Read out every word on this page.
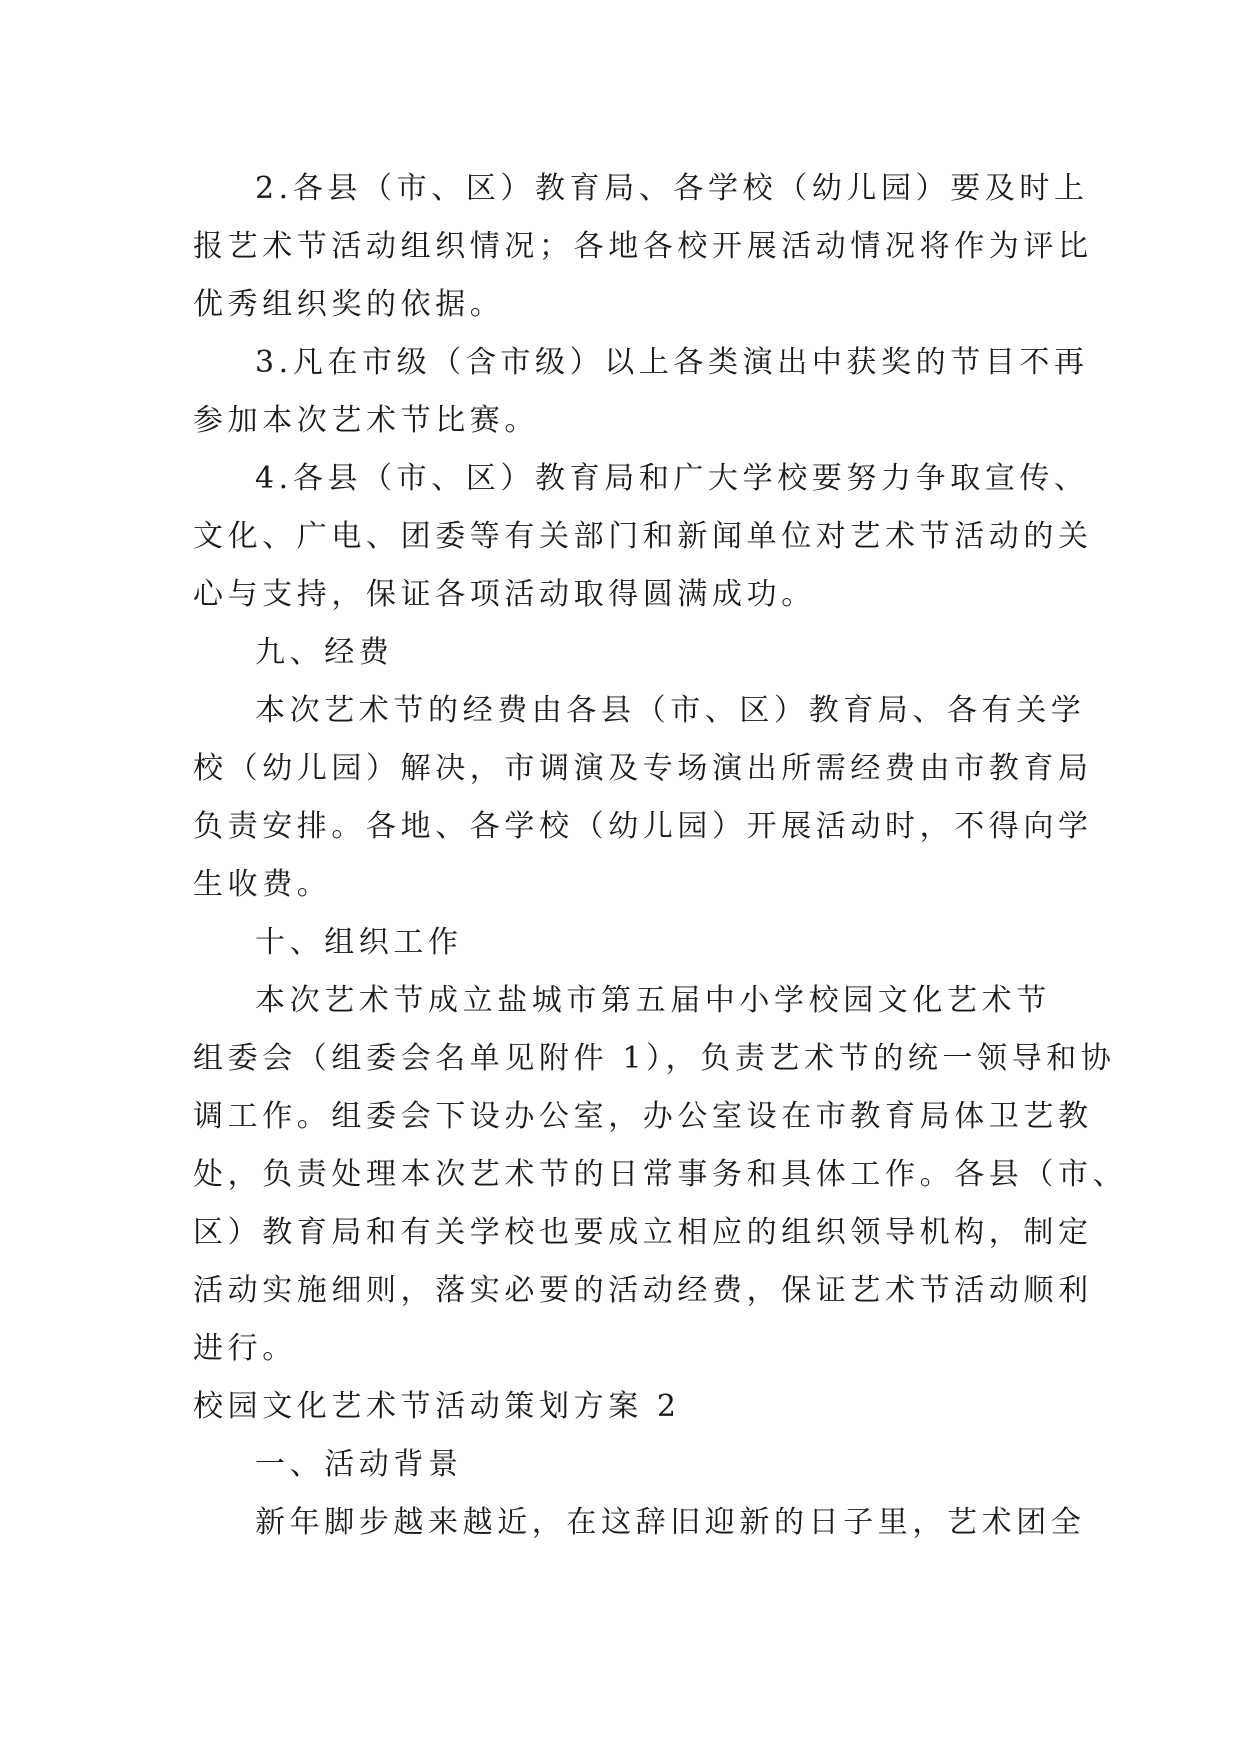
2.各县（市、区）教育局、各学校（幼儿园）要及时上
报艺术节活动组织情况；各地各校开展活动情况将作为评比
优秀组织奖的依据。
3.凡在市级（含市级）以上各类演出中获奖的节目不再
参加本次艺术节比赛。
4.各县（市、区）教育局和广大学校要努力争取宣传、
文化、广电、团委等有关部门和新闻单位对艺术节活动的关
心与支持，保证各项活动取得圆满成功。
九、经费
本次艺术节的经费由各县（市、区）教育局、各有关学
校（幼儿园）解决，市调演及专场演出所需经费由市教育局
负责安排。各地、各学校（幼儿园）开展活动时，不得向学
生收费。
十、组织工作
本次艺术节成立盐城市第五届中小学校园文化艺术节
组委会（组委会名单见附件 1），负责艺术节的统一领导和协
调工作。组委会下设办公室，办公室设在市教育局体卫艺教
处，负责处理本次艺术节的日常事务和具体工作。各县（市、
区）教育局和有关学校也要成立相应的组织领导机构，制定
活动实施细则，落实必要的活动经费，保证艺术节活动顺利
进行。
校园文化艺术节活动策划方案 2
一、活动背景
新年脚步越来越近，在这辞旧迎新的日子里，艺术团全
